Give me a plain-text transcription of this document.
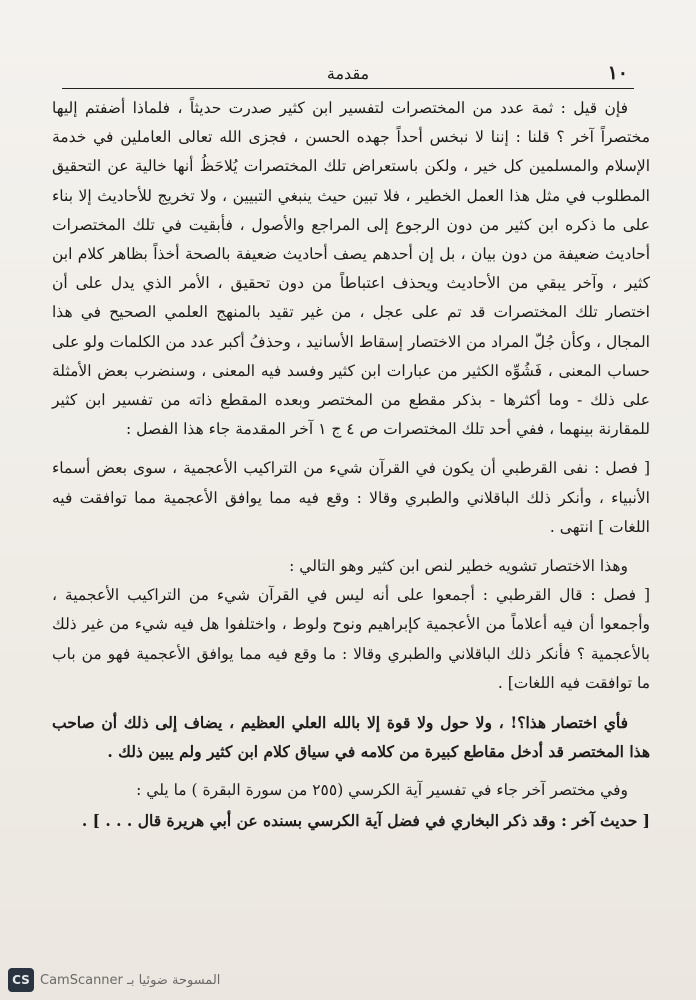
١٠
مقدمة

فإن قيل : ثمة عدد من المختصرات لتفسير ابن كثير صدرت حديثاً ، فلماذا أضفتم إليها مختصراً آخر ؟ قلنا : إننا لا نبخس أحداً جهده الحسن ، فجزى الله تعالى العاملين في خدمة الإسلام والمسلمين كل خير ، ولكن باستعراض تلك المختصرات يُلاحَظُ أنها خالية عن التحقيق المطلوب في مثل هذا العمل الخطير ، فلا تبين حيث ينبغي التبيين ، ولا تخريج للأحاديث إلا بناء على ما ذكره ابن كثير من دون الرجوع إلى المراجع والأصول ، فأبقيت في تلك المختصرات أحاديث ضعيفة من دون بيان ، بل إن أحدهم يصف أحاديث ضعيفة بالصحة أخذاً بظاهر كلام ابن كثير ، وآخر يبقي من الأحاديث ويحذف اعتباطاً من دون تحقيق ، الأمر الذي يدل على أن اختصار تلك المختصرات قد تم على عجل ، من غير تقيد بالمنهج العلمي الصحيح في هذا المجال ، وكأن جُلّ المراد من الاختصار إسقاط الأسانيد ، وحذفُ أكبر عدد من الكلمات ولو على حساب المعنى ، فَشُوِّه الكثير من عبارات ابن كثير وفسد فيه المعنى ، وسنضرب بعض الأمثلة على ذلك - وما أكثرها - بذكر مقطع من المختصر وبعده المقطع ذاته من تفسير ابن كثير للمقارنة بينهما ، ففي أحد تلك المختصرات ص ٤ ج ١ آخر المقدمة جاء هذا الفصل :

[ فصل : نفى القرطبي أن يكون في القرآن شيء من التراكيب الأعجمية ، سوى بعض أسماء الأنبياء ، وأنكر ذلك الباقلاني والطبري وقالا : وقع فيه مما يوافق الأعجمية مما توافقت فيه اللغات ] انتهى .

وهذا الاختصار تشويه خطير لنص ابن كثير وهو التالي :

[ فصل : قال القرطبي : أجمعوا على أنه ليس في القرآن شيء من التراكيب الأعجمية ، وأجمعوا أن فيه أعلاماً من الأعجمية كإبراهيم ونوح ولوط ، واختلفوا هل فيه شيء من غير ذلك بالأعجمية ؟ فأنكر ذلك الباقلاني والطبري وقالا : ما وقع فيه مما يوافق الأعجمية فهو من باب ما توافقت فيه اللغات] .

فأي اختصار هذا؟! ، ولا حول ولا قوة إلا بالله العلي العظيم ، يضاف إلى ذلك أن صاحب هذا المختصر قد أدخل مقاطع كبيرة من كلامه في سياق كلام ابن كثير ولم يبين ذلك .

وفي مختصر آخر جاء في تفسير آية الكرسي (٢٥٥ من سورة البقرة ) ما يلي :

[ حديث آخر : وقد ذكر البخاري في فضل آية الكرسي بسنده عن أبي هريرة قال . . . ] .

CS CamScanner المسوحة ضوئيا بـ
